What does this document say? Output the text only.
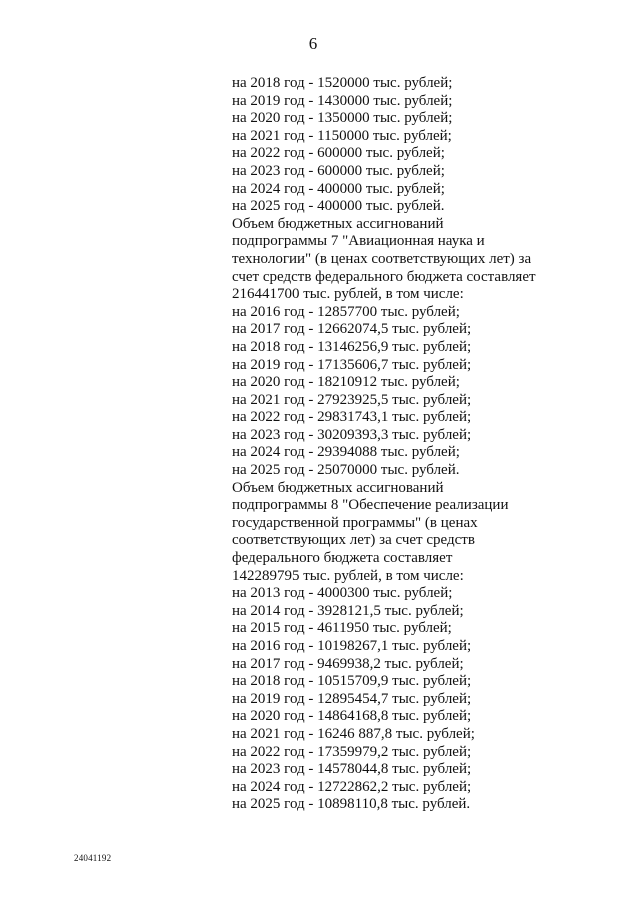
6
на 2018 год - 1520000 тыс. рублей;
на 2019 год - 1430000 тыс. рублей;
на 2020 год - 1350000 тыс. рублей;
на 2021 год - 1150000 тыс. рублей;
на 2022 год - 600000 тыс. рублей;
на 2023 год - 600000 тыс. рублей;
на 2024 год - 400000 тыс. рублей;
на 2025 год - 400000 тыс. рублей.
Объем бюджетных ассигнований
подпрограммы 7 "Авиационная наука и
технологии" (в ценах соответствующих лет) за
счет средств федерального бюджета составляет
216441700 тыс. рублей, в том числе:
на 2016 год - 12857700 тыс. рублей;
на 2017 год - 12662074,5 тыс. рублей;
на 2018 год - 13146256,9 тыс. рублей;
на 2019 год - 17135606,7 тыс. рублей;
на 2020 год - 18210912 тыс. рублей;
на 2021 год - 27923925,5 тыс. рублей;
на 2022 год - 29831743,1 тыс. рублей;
на 2023 год - 30209393,3 тыс. рублей;
на 2024 год - 29394088 тыс. рублей;
на 2025 год - 25070000 тыс. рублей.
Объем бюджетных ассигнований
подпрограммы 8 "Обеспечение реализации
государственной программы" (в ценах
соответствующих лет) за счет средств
федерального бюджета составляет
142289795 тыс. рублей, в том числе:
на 2013 год - 4000300 тыс. рублей;
на 2014 год - 3928121,5 тыс. рублей;
на 2015 год - 4611950 тыс. рублей;
на 2016 год - 10198267,1 тыс. рублей;
на 2017 год - 9469938,2 тыс. рублей;
на 2018 год - 10515709,9 тыс. рублей;
на 2019 год - 12895454,7 тыс. рублей;
на 2020 год - 14864168,8 тыс. рублей;
на 2021 год - 16246 887,8 тыс. рублей;
на 2022 год - 17359979,2 тыс. рублей;
на 2023 год - 14578044,8 тыс. рублей;
на 2024 год - 12722862,2 тыс. рублей;
на 2025 год - 10898110,8 тыс. рублей.
24041192
